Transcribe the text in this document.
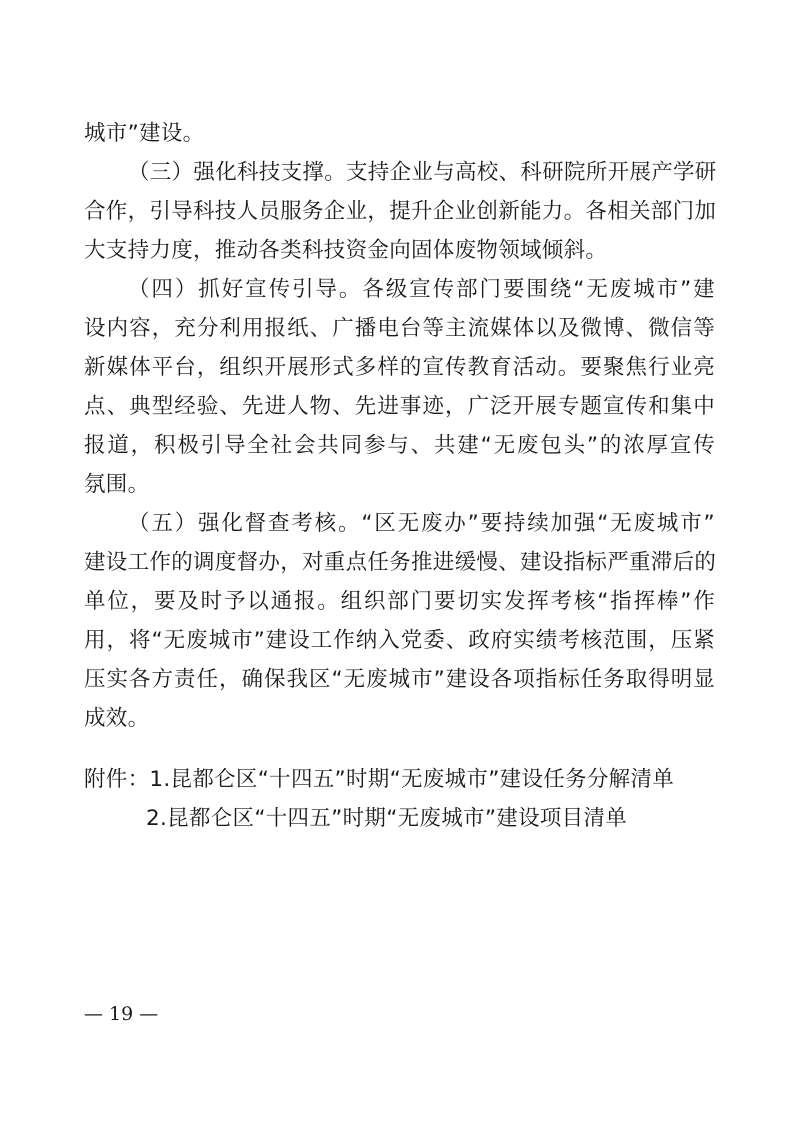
城市”建设。
（三）强化科技支撑。支持企业与高校、科研院所开展产学研
合作，引导科技人员服务企业，提升企业创新能力。各相关部门加
大支持力度，推动各类科技资金向固体废物领域倾斜。
（四）抓好宣传引导。各级宣传部门要围绕“无废城市”建
设内容，充分利用报纸、广播电台等主流媒体以及微博、微信等
新媒体平台，组织开展形式多样的宣传教育活动。要聚焦行业亮
点、典型经验、先进人物、先进事迹，广泛开展专题宣传和集中
报道，积极引导全社会共同参与、共建“无废包头”的浓厚宣传
氛围。
（五）强化督查考核。“区无废办”要持续加强“无废城市”
建设工作的调度督办，对重点任务推进缓慢、建设指标严重滞后的
单位，要及时予以通报。组织部门要切实发挥考核“指挥棒”作
用，将“无废城市”建设工作纳入党委、政府实绩考核范围，压紧
压实各方责任，确保我区“无废城市”建设各项指标任务取得明显
成效。
附件：1.昆都仑区“十四五”时期“无废城市”建设任务分解清单
2.昆都仑区“十四五”时期“无废城市”建设项目清单
— 19 —
